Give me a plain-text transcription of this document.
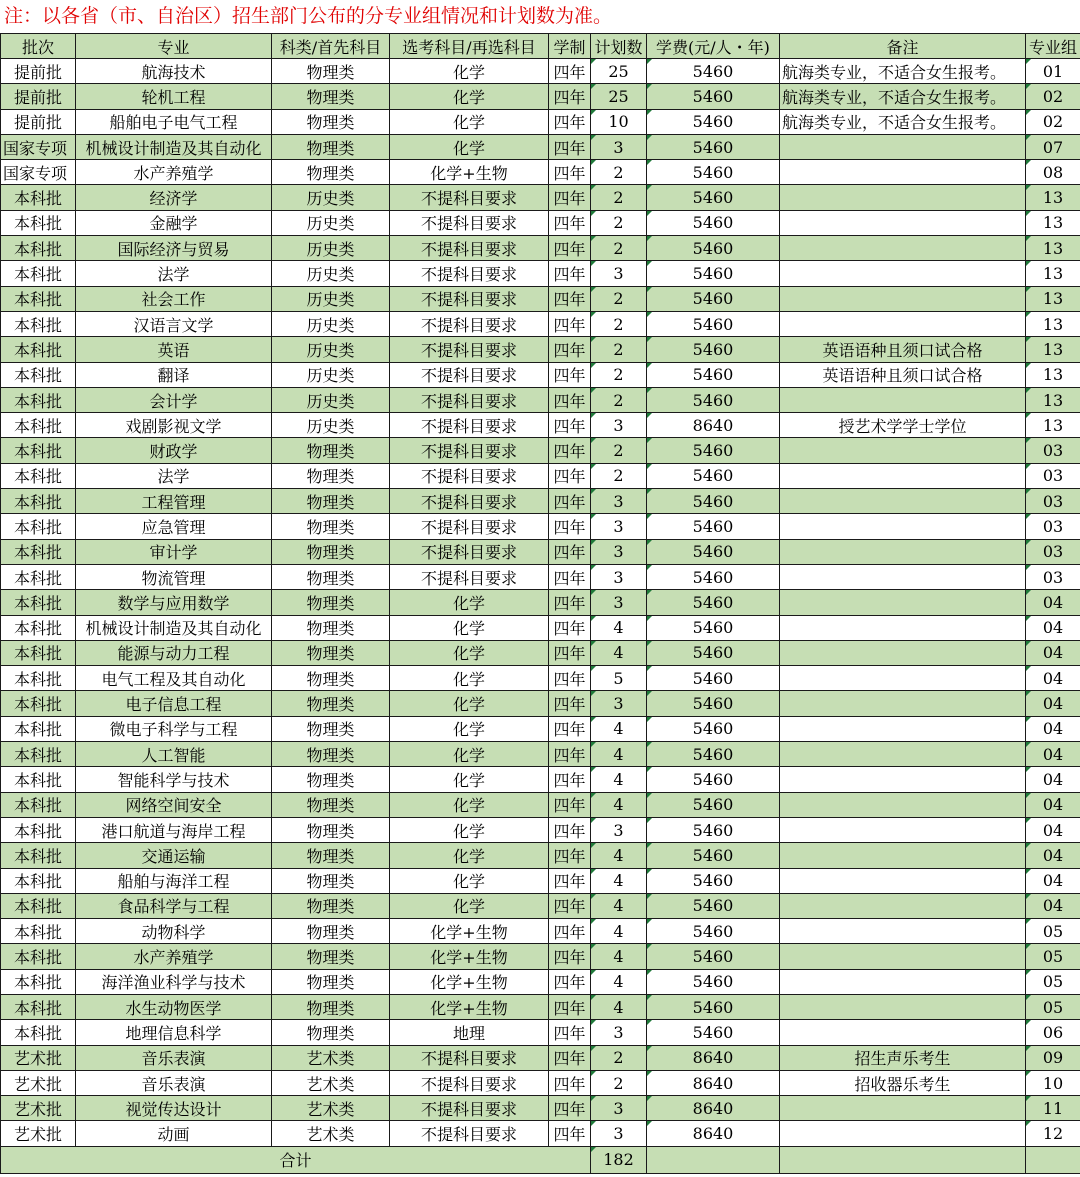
注：以各省（市、自治区）招生部门公布的分专业组情况和计划数为准。
批次	专业	科类/首先科目	选考科目/再选科目	学制	计划数	学费(元/人・年)	备注	专业组
提前批	航海技术	物理类	化学	四年	25	5460	航海类专业，不适合女生报考。	01
提前批	轮机工程	物理类	化学	四年	25	5460	航海类专业，不适合女生报考。	02
提前批	船舶电子电气工程	物理类	化学	四年	10	5460	航海类专业，不适合女生报考。	02
国家专项	机械设计制造及其自动化	物理类	化学	四年	3	5460		07
国家专项	水产养殖学	物理类	化学+生物	四年	2	5460		08
本科批	经济学	历史类	不提科目要求	四年	2	5460		13
本科批	金融学	历史类	不提科目要求	四年	2	5460		13
本科批	国际经济与贸易	历史类	不提科目要求	四年	2	5460		13
本科批	法学	历史类	不提科目要求	四年	3	5460		13
本科批	社会工作	历史类	不提科目要求	四年	2	5460		13
本科批	汉语言文学	历史类	不提科目要求	四年	2	5460		13
本科批	英语	历史类	不提科目要求	四年	2	5460	英语语种且须口试合格	13
本科批	翻译	历史类	不提科目要求	四年	2	5460	英语语种且须口试合格	13
本科批	会计学	历史类	不提科目要求	四年	2	5460		13
本科批	戏剧影视文学	历史类	不提科目要求	四年	3	8640	授艺术学学士学位	13
本科批	财政学	物理类	不提科目要求	四年	2	5460		03
本科批	法学	物理类	不提科目要求	四年	2	5460		03
本科批	工程管理	物理类	不提科目要求	四年	3	5460		03
本科批	应急管理	物理类	不提科目要求	四年	3	5460		03
本科批	审计学	物理类	不提科目要求	四年	3	5460		03
本科批	物流管理	物理类	不提科目要求	四年	3	5460		03
本科批	数学与应用数学	物理类	化学	四年	3	5460		04
本科批	机械设计制造及其自动化	物理类	化学	四年	4	5460		04
本科批	能源与动力工程	物理类	化学	四年	4	5460		04
本科批	电气工程及其自动化	物理类	化学	四年	5	5460		04
本科批	电子信息工程	物理类	化学	四年	3	5460		04
本科批	微电子科学与工程	物理类	化学	四年	4	5460		04
本科批	人工智能	物理类	化学	四年	4	5460		04
本科批	智能科学与技术	物理类	化学	四年	4	5460		04
本科批	网络空间安全	物理类	化学	四年	4	5460		04
本科批	港口航道与海岸工程	物理类	化学	四年	3	5460		04
本科批	交通运输	物理类	化学	四年	4	5460		04
本科批	船舶与海洋工程	物理类	化学	四年	4	5460		04
本科批	食品科学与工程	物理类	化学	四年	4	5460		04
本科批	动物科学	物理类	化学+生物	四年	4	5460		05
本科批	水产养殖学	物理类	化学+生物	四年	4	5460		05
本科批	海洋渔业科学与技术	物理类	化学+生物	四年	4	5460		05
本科批	水生动物医学	物理类	化学+生物	四年	4	5460		05
本科批	地理信息科学	物理类	地理	四年	3	5460		06
艺术批	音乐表演	艺术类	不提科目要求	四年	2	8640	招生声乐考生	09
艺术批	音乐表演	艺术类	不提科目要求	四年	2	8640	招收器乐考生	10
艺术批	视觉传达设计	艺术类	不提科目要求	四年	3	8640		11
艺术批	动画	艺术类	不提科目要求	四年	3	8640		12
合计					182			
